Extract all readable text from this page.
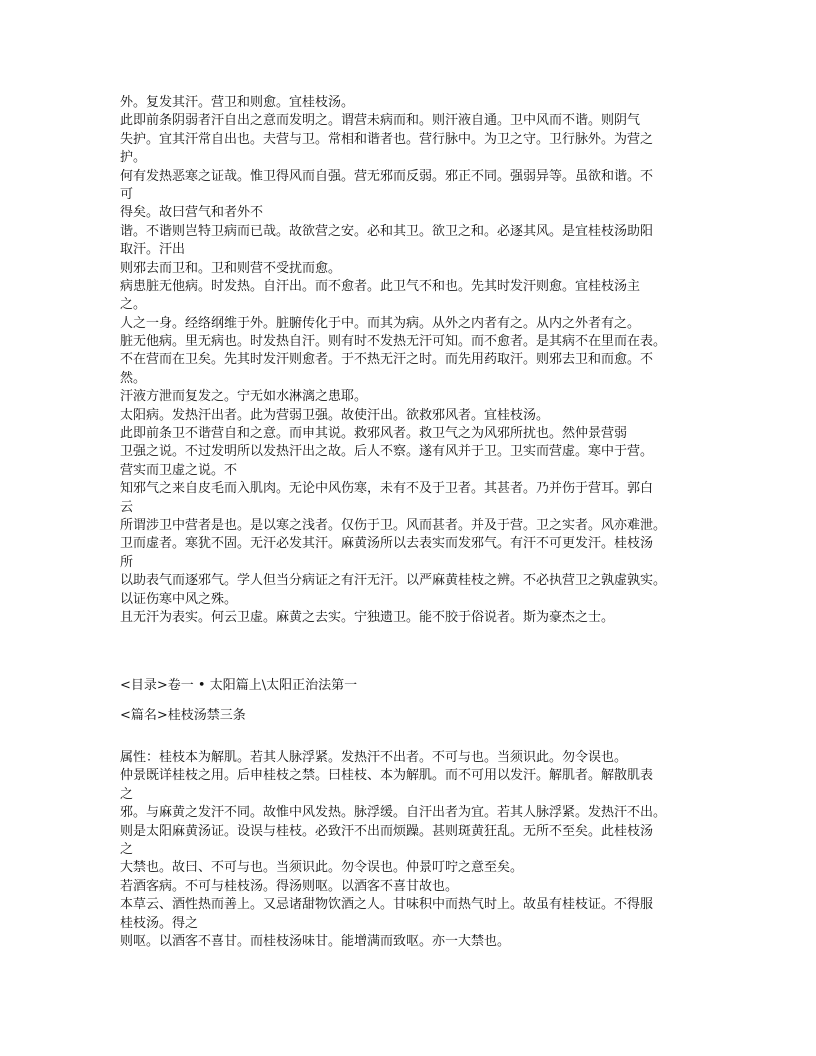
外。复发其汗。营卫和则愈。宜桂枝汤。
此即前条阴弱者汗自出之意而发明之。谓营未病而和。则汗液自通。卫中风而不谐。则阴气
失护。宜其汗常自出也。夫营与卫。常相和谐者也。营行脉中。为卫之守。卫行脉外。为营之
护。
何有发热恶寒之证哉。惟卫得风而自强。营无邪而反弱。邪正不同。强弱异等。虽欲和谐。不
可
得矣。故曰营气和者外不
谐。不谐则岂特卫病而已哉。故欲营之安。必和其卫。欲卫之和。必逐其风。是宜桂枝汤助阳
取汗。汗出
则邪去而卫和。卫和则营不受扰而愈。
病患脏无他病。时发热。自汗出。而不愈者。此卫气不和也。先其时发汗则愈。宜桂枝汤主
之。
人之一身。经络纲维于外。脏腑传化于中。而其为病。从外之内者有之。从内之外者有之。
脏无他病。里无病也。时发热自汗。则有时不发热无汗可知。而不愈者。是其病不在里而在表。
不在营而在卫矣。先其时发汗则愈者。于不热无汗之时。而先用药取汗。则邪去卫和而愈。不
然。
汗液方泄而复发之。宁无如水淋漓之患耶。
太阳病。发热汗出者。此为营弱卫强。故使汗出。欲救邪风者。宜桂枝汤。
此即前条卫不谐营自和之意。而申其说。救邪风者。救卫气之为风邪所扰也。然仲景营弱
卫强之说。不过发明所以发热汗出之故。后人不察。遂有风并于卫。卫实而营虚。寒中于营。
营实而卫虚之说。不
知邪气之来自皮毛而入肌肉。无论中风伤寒，未有不及于卫者。其甚者。乃并伤于营耳。郭白
云
所谓涉卫中营者是也。是以寒之浅者。仅伤于卫。风而甚者。并及于营。卫之实者。风亦难泄。
卫而虚者。寒犹不固。无汗必发其汗。麻黄汤所以去表实而发邪气。有汗不可更发汗。桂枝汤
所
以助表气而逐邪气。学人但当分病证之有汗无汗。以严麻黄桂枝之辨。不必执营卫之孰虚孰实。
以证伤寒中风之殊。
且无汗为表实。何云卫虚。麻黄之去实。宁独遗卫。能不胶于俗说者。斯为豪杰之士。
<目录>卷一 • 太阳篇上\太阳正治法第一
<篇名>桂枝汤禁三条
属性：桂枝本为解肌。若其人脉浮紧。发热汗不出者。不可与也。当须识此。勿令误也。
仲景既详桂枝之用。后申桂枝之禁。曰桂枝、本为解肌。而不可用以发汗。解肌者。解散肌表
之
邪。与麻黄之发汗不同。故惟中风发热。脉浮缓。自汗出者为宜。若其人脉浮紧。发热汗不出。
则是太阳麻黄汤证。设误与桂枝。必致汗不出而烦躁。甚则斑黄狂乱。无所不至矣。此桂枝汤
之
大禁也。故曰、不可与也。当须识此。勿令误也。仲景叮咛之意至矣。
若酒客病。不可与桂枝汤。得汤则呕。以酒客不喜甘故也。
本草云、酒性热而善上。又忌诸甜物饮酒之人。甘味积中而热气时上。故虽有桂枝证。不得服
桂枝汤。得之
则呕。以酒客不喜甘。而桂枝汤味甘。能增满而致呕。亦一大禁也。
